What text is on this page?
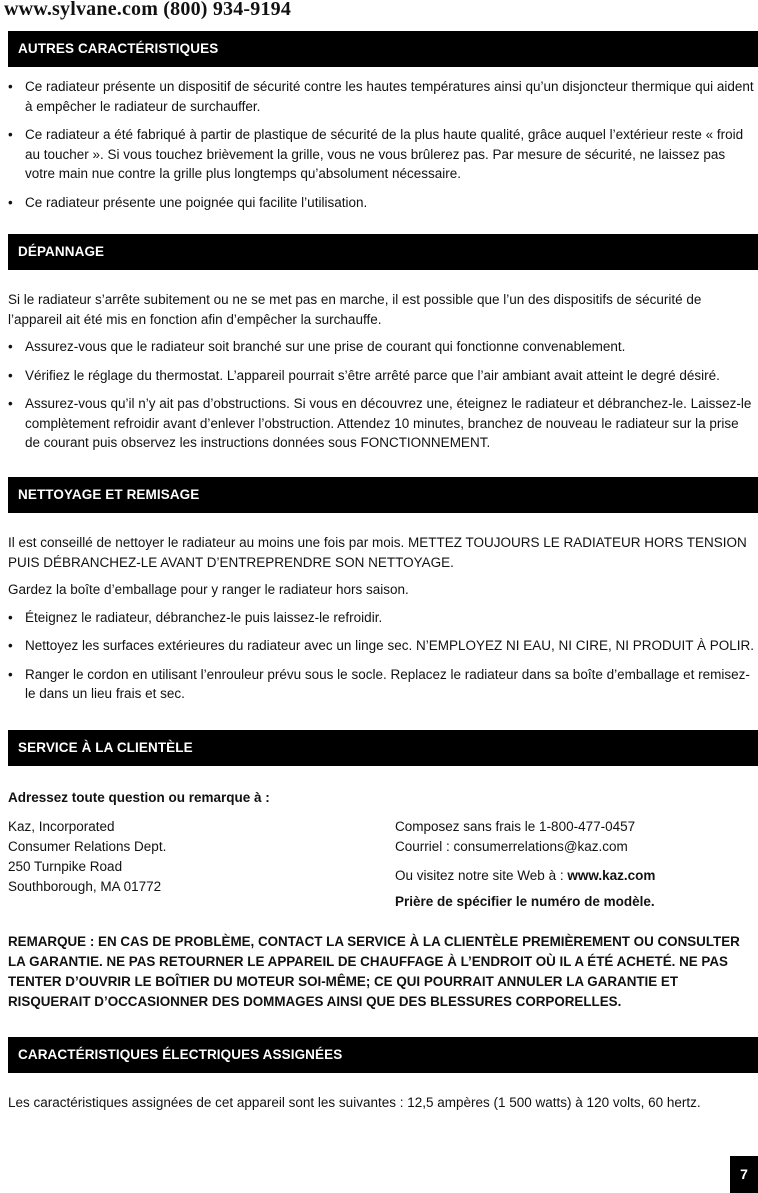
www.sylvane.com (800) 934-9194
AUTRES CARACTÉRISTIQUES
• Ce radiateur présente un dispositif de sécurité contre les hautes températures ainsi qu’un disjoncteur thermique qui aident à empêcher le radiateur de surchauffer.
• Ce radiateur a été fabriqué à partir de plastique de sécurité de la plus haute qualité, grâce auquel l’extérieur reste « froid au toucher ». Si vous touchez brièvement la grille, vous ne vous brûlerez pas. Par mesure de sécurité, ne laissez pas votre main nue contre la grille plus longtemps qu’absolument nécessaire.
• Ce radiateur présente une poignée qui facilite l’utilisation.
DÉPANNAGE

Si le radiateur s’arrête subitement ou ne se met pas en marche, il est possible que l’un des dispositifs de sécurité de l’appareil ait été mis en fonction afin d’empêcher la surchauffe.

• Assurez-vous que le radiateur soit branché sur une prise de courant qui fonctionne convenablement.
• Vérifiez le réglage du thermostat. L’appareil pourrait s’être arrêté parce que l’air ambiant avait atteint le degré désiré.
• Assurez-vous qu’il n’y ait pas d’obstructions. Si vous en découvrez une, éteignez le radiateur et débranchez-le. Laissez-le complètement refroidir avant d’enlever l’obstruction. Attendez 10 minutes, branchez de nouveau le radiateur sur la prise de courant puis observez les instructions données sous FONCTIONNEMENT.
NETTOYAGE ET REMISAGE

Il est conseillé de nettoyer le radiateur au moins une fois par mois. METTEZ TOUJOURS LE RADIATEUR HORS TENSION PUIS DÉBRANCHEZ-LE AVANT D’ENTREPRENDRE SON NETTOYAGE.

Gardez la boîte d’emballage pour y ranger le radiateur hors saison.

• Éteignez le radiateur, débranchez-le puis laissez-le refroidir.
• Nettoyez les surfaces extérieures du radiateur avec un linge sec. N’EMPLOYEZ NI EAU, NI CIRE, NI PRODUIT À POLIR.
• Ranger le cordon en utilisant l’enrouleur prévu sous le socle. Replacez le radiateur dans sa boîte d’emballage et remisez-le dans un lieu frais et sec.
SERVICE À LA CLIENTÈLE
Adressez toute question ou remarque à :
Kaz, Incorporated
Consumer Relations Dept.
250 Turnpike Road
Southborough, MA 01772
Composez sans frais le 1-800-477-0457
Courriel : consumerrelations@kaz.com
Ou visitez notre site Web à : www.kaz.com
Prière de spécifier le numéro de modèle.
REMARQUE : EN CAS DE PROBLÈME, CONTACT LA SERVICE À LA CLIENTÈLE PREMIÈREMENT OU CONSULTER LA GARANTIE. NE PAS RETOURNER LE APPAREIL DE CHAUFFAGE À L’ENDROIT OÙ IL A ÉTÉ ACHETÉ. NE PAS TENTER D’OUVRIR LE BOÎTIER DU MOTEUR SOI-MÊME; CE QUI POURRAIT ANNULER LA GARANTIE ET RISQUERAIT D’OCCASIONNER DES DOMMAGES AINSI QUE DES BLESSURES CORPORELLES.
CARACTÉRISTIQUES ÉLECTRIQUES ASSIGNÉES
Les caractéristiques assignées de cet appareil sont les suivantes : 12,5 ampères (1 500 watts) à 120 volts, 60 hertz.
7
